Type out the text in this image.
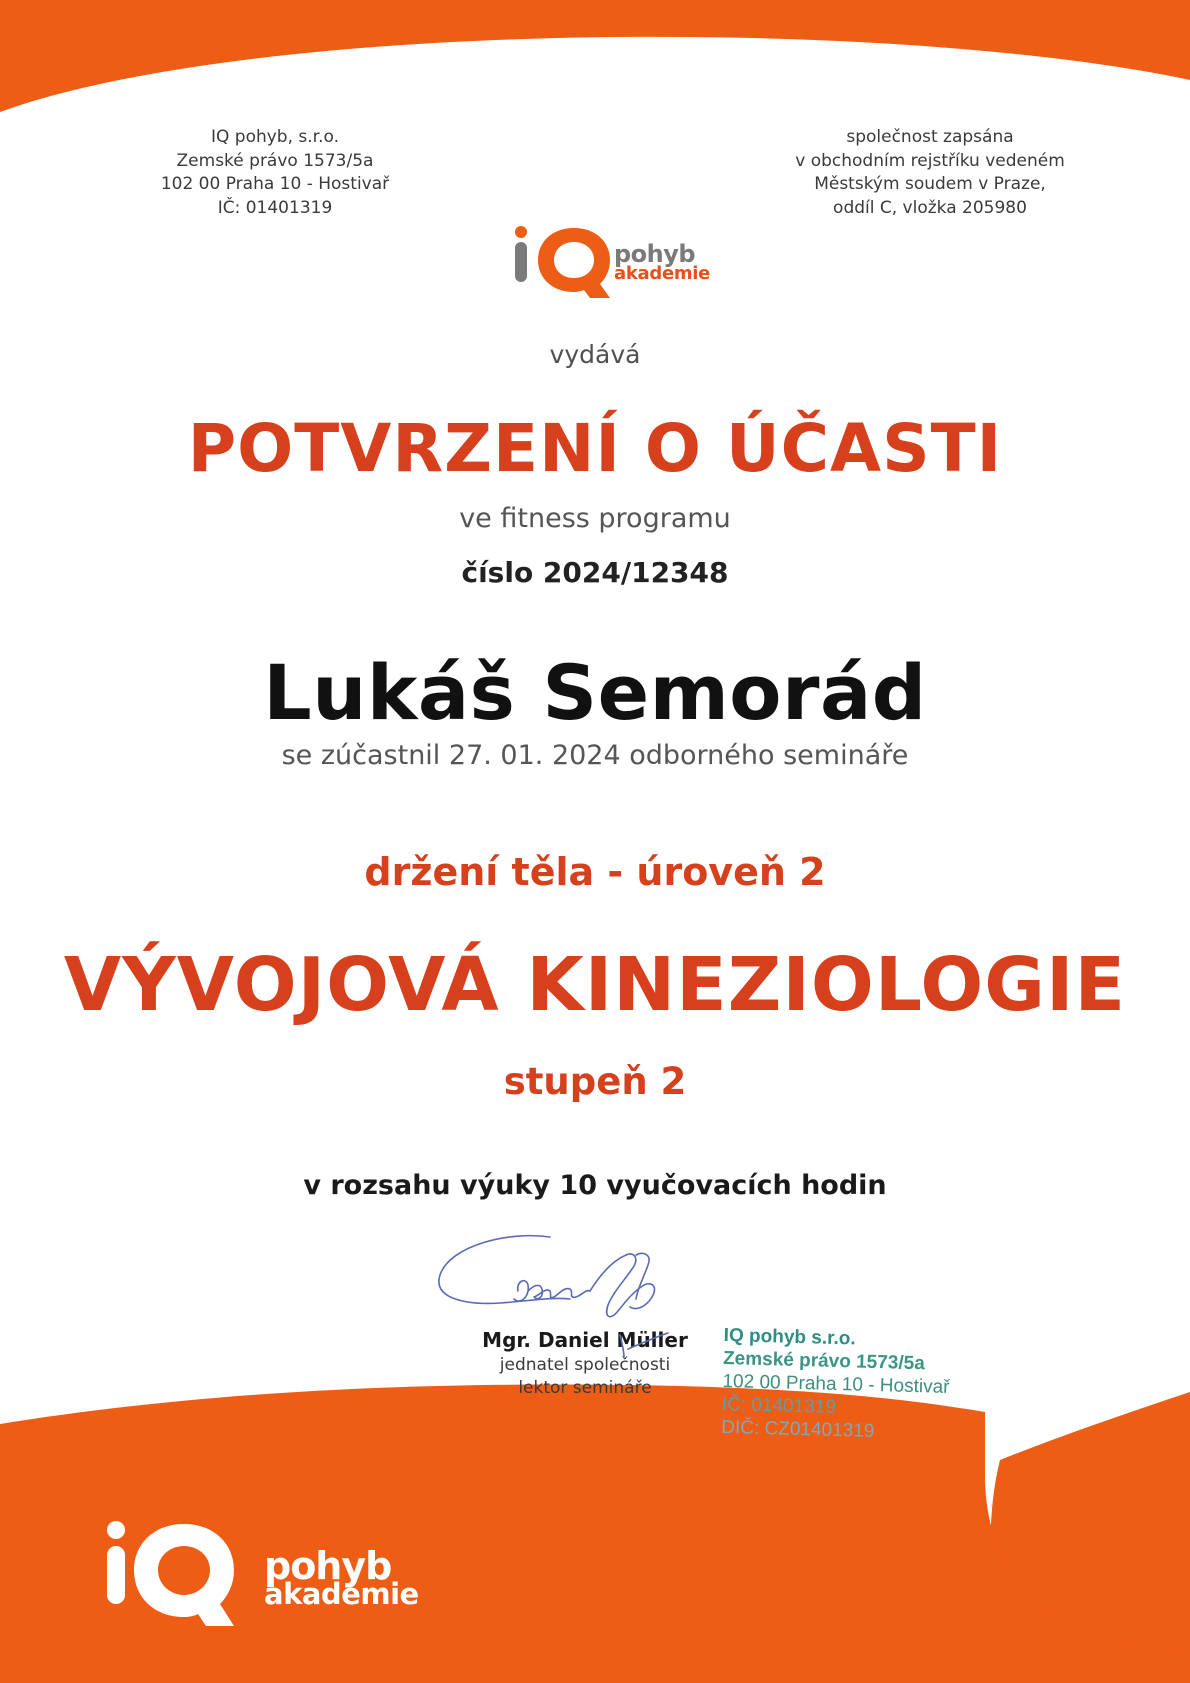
IQ pohyb, s.r.o.
Zemské právo 1573/5a
102 00 Praha 10 - Hostivař
IČ: 01401319
společnost zapsána
v obchodním rejstříku vedeném
Městským soudem v Praze,
oddíl C, vložka 205980
pohyb
akademie
vydává
POTVRZENÍ O ÚČASTI
ve fitness programu
číslo 2024/12348
Lukáš Semorád
se zúčastnil 27. 01. 2024 odborného semináře
držení těla - úroveň 2
VÝVOJOVÁ KINEZIOLOGIE
stupeň 2
v rozsahu výuky 10 vyučovacích hodin
Mgr. Daniel Müller
jednatel společnosti
lektor semináře
IQ pohyb s.r.o.
Zemské právo 1573/5a
102 00 Praha 10 - Hostivař
IČ: 01401319
DIČ: CZ01401319
pohyb
akademie
